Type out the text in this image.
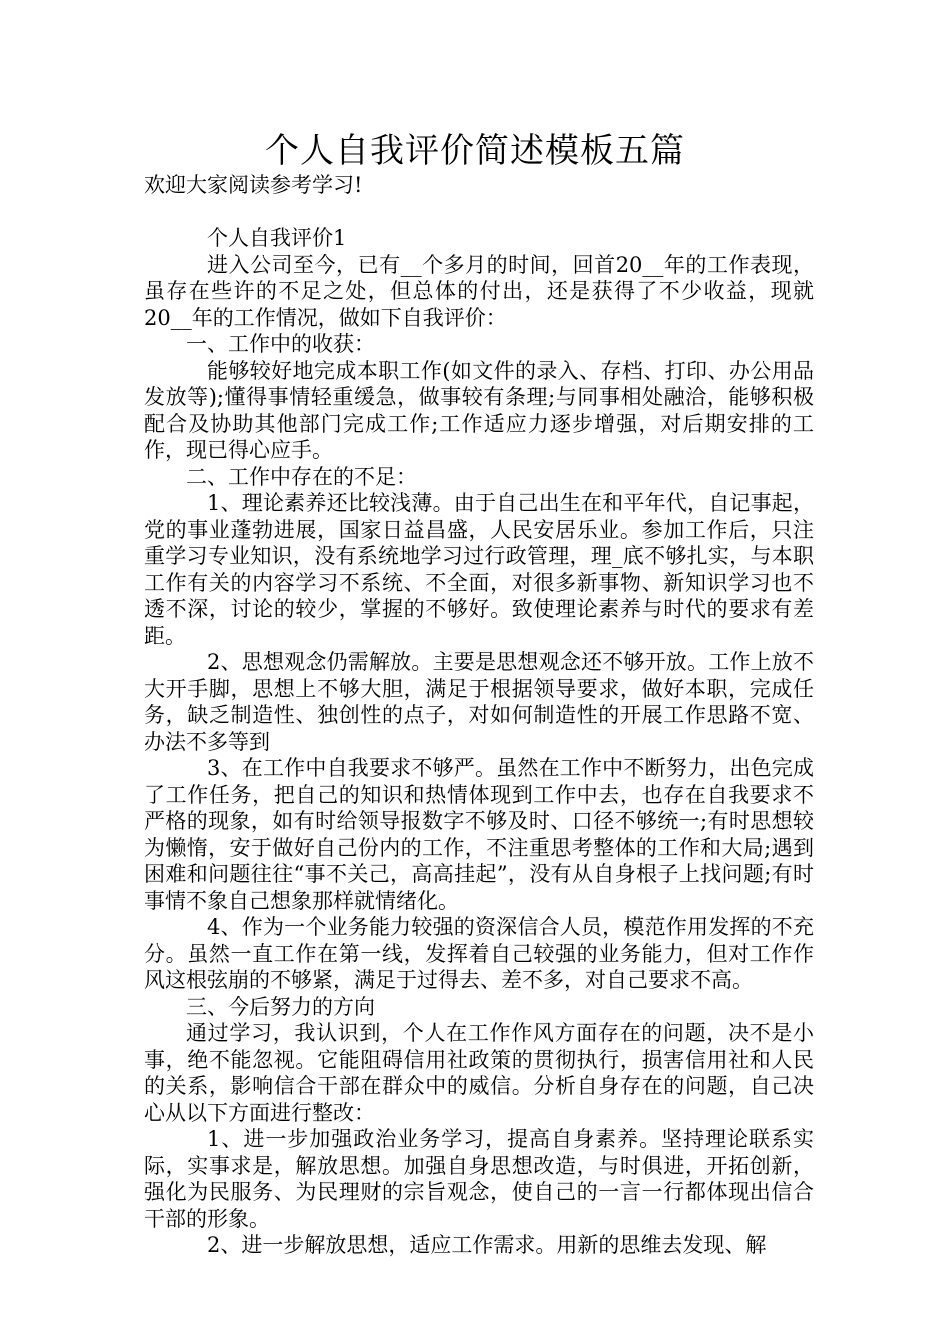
个人自我评价简述模板五篇

欢迎大家阅读参考学习!

个人自我评价1

进入公司至今，已有__个多月的时间，回首20__年的工作表现，虽存在些许的不足之处，但总体的付出，还是获得了不少收益，现就20__年的工作情况，做如下自我评价：

一、工作中的收获：

能够较好地完成本职工作(如文件的录入、存档、打印、办公用品发放等);懂得事情轻重缓急，做事较有条理;与同事相处融洽，能够积极配合及协助其他部门完成工作;工作适应力逐步增强，对后期安排的工作，现已得心应手。

二、工作中存在的不足：

1、理论素养还比较浅薄。由于自己出生在和平年代，自记事起，党的事业蓬勃进展，国家日益昌盛，人民安居乐业。参加工作后，只注重学习专业知识，没有系统地学习过行政管理，理_底不够扎实，与本职工作有关的内容学习不系统、不全面，对很多新事物、新知识学习也不透不深，讨论的较少，掌握的不够好。致使理论素养与时代的要求有差距。

2、思想观念仍需解放。主要是思想观念还不够开放。工作上放不大开手脚，思想上不够大胆，满足于根据领导要求，做好本职，完成任务，缺乏制造性、独创性的点子，对如何制造性的开展工作思路不宽、办法不多等到

3、在工作中自我要求不够严。虽然在工作中不断努力，出色完成了工作任务，把自己的知识和热情体现到工作中去，也存在自我要求不严格的现象，如有时给领导报数字不够及时、口径不够统一;有时思想较为懒惰，安于做好自己份内的工作，不注重思考整体的工作和大局;遇到困难和问题往往“事不关己，高高挂起”，没有从自身根子上找问题;有时事情不象自己想象那样就情绪化。

4、作为一个业务能力较强的资深信合人员，模范作用发挥的不充分。虽然一直工作在第一线，发挥着自己较强的业务能力，但对工作作风这根弦崩的不够紧，满足于过得去、差不多，对自己要求不高。

三、今后努力的方向

通过学习，我认识到，个人在工作作风方面存在的问题，决不是小事，绝不能忽视。它能阻碍信用社政策的贯彻执行，损害信用社和人民的关系，影响信合干部在群众中的威信。分析自身存在的问题，自己决心从以下方面进行整改：

1、进一步加强政治业务学习，提高自身素养。坚持理论联系实际，实事求是，解放思想。加强自身思想改造，与时俱进，开拓创新，强化为民服务、为民理财的宗旨观念，使自己的一言一行都体现出信合干部的形象。

2、进一步解放思想，适应工作需求。用新的思维去发现、解
